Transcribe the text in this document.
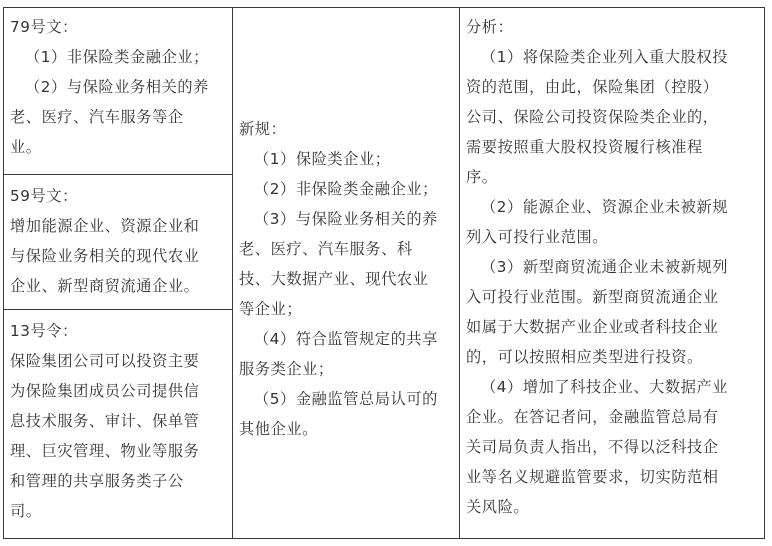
79号文：
（1）非保险类金融企业；
（2）与保险业务相关的养
老、医疗、汽车服务等企
业。
59号文：
增加能源企业、资源企业和
与保险业务相关的现代农业
企业、新型商贸流通企业。
13号令：
保险集团公司可以投资主要
为保险集团成员公司提供信
息技术服务、审计、保单管
理、巨灾管理、物业等服务
和管理的共享服务类子公
司。
新规：
（1）保险类企业；
（2）非保险类金融企业；
（3）与保险业务相关的养
老、医疗、汽车服务、科
技、大数据产业、现代农业
等企业；
（4）符合监管规定的共享
服务类企业；
（5）金融监管总局认可的
其他企业。
分析：
（1）将保险类企业列入重大股权投
资的范围，由此，保险集团（控股）
公司、保险公司投资保险类企业的，
需要按照重大股权投资履行核准程
序。
（2）能源企业、资源企业未被新规
列入可投行业范围。
（3）新型商贸流通企业未被新规列
入可投行业范围。新型商贸流通企业
如属于大数据产业企业或者科技企业
的，可以按照相应类型进行投资。
（4）增加了科技企业、大数据产业
企业。在答记者问，金融监管总局有
关司局负责人指出，不得以泛科技企
业等名义规避监管要求，切实防范相
关风险。
